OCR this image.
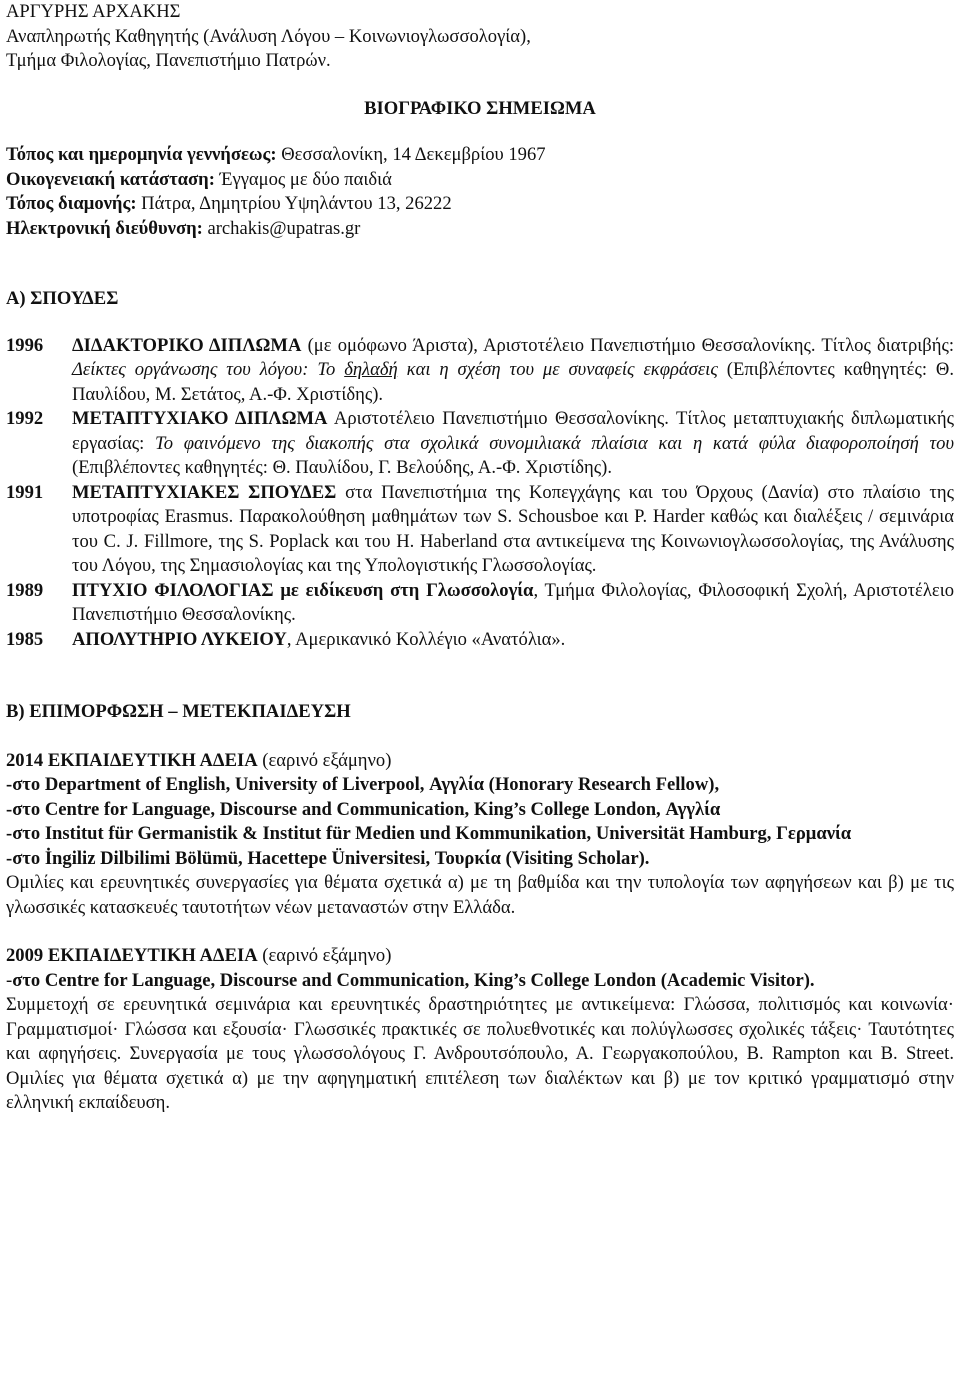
ΑΡΓΥΡΗΣ ΑΡΧΑΚΗΣ
Αναπληρωτής Καθηγητής (Ανάλυση Λόγου – Κοινωνιογλωσσολογία),
Τμήμα Φιλολογίας, Πανεπιστήμιο Πατρών.
ΒΙΟΓΡΑΦΙΚΟ ΣΗΜΕΙΩΜΑ
Τόπος και ημερομηνία γεννήσεως: Θεσσαλονίκη, 14 Δεκεμβρίου 1967
Οικογενειακή κατάσταση: Έγγαμος με δύο παιδιά
Τόπος διαμονής: Πάτρα, Δημητρίου Υψηλάντου 13, 26222
Ηλεκτρονική διεύθυνση: archakis@upatras.gr
Α) ΣΠΟΥΔΕΣ
1996 ΔΙΔΑΚΤΟΡΙΚΟ ΔΙΠΛΩΜΑ (με ομόφωνο Άριστα), Αριστοτέλειο Πανεπιστήμιο Θεσσαλονίκης. Τίτλος διατριβής: Δείκτες οργάνωσης του λόγου: Το δηλαδή και η σχέση του με συναφείς εκφράσεις (Επιβλέποντες καθηγητές: Θ. Παυλίδου, Μ. Σετάτος, Α.-Φ. Χριστίδης).
1992 ΜΕΤΑΠΤΥΧΙΑΚΟ ΔΙΠΛΩΜΑ Αριστοτέλειο Πανεπιστήμιο Θεσσαλονίκης. Τίτλος μεταπτυχιακής διπλωματικής εργασίας: Το φαινόμενο της διακοπής στα σχολικά συνομιλιακά πλαίσια και η κατά φύλα διαφοροποίησή του (Επιβλέποντες καθηγητές: Θ. Παυλίδου, Γ. Βελούδης, Α.-Φ. Χριστίδης).
1991 ΜΕΤΑΠΤΥΧΙΑΚΕΣ ΣΠΟΥΔΕΣ στα Πανεπιστήμια της Κοπεγχάγης και του Όρχους (Δανία) στο πλαίσιο της υποτροφίας Erasmus. Παρακολούθηση μαθημάτων των S. Schousboe και P. Harder καθώς και διαλέξεις / σεμινάρια του C. J. Fillmore, της S. Poplack και του H. Haberland στα αντικείμενα της Κοινωνιογλωσσολογίας, της Ανάλυσης του Λόγου, της Σημασιολογίας και της Υπολογιστικής Γλωσσολογίας.
1989 ΠΤΥΧΙΟ ΦΙΛΟΛΟΓΙΑΣ με ειδίκευση στη Γλωσσολογία, Τμήμα Φιλολογίας, Φιλοσοφική Σχολή, Αριστοτέλειο Πανεπιστήμιο Θεσσαλονίκης.
1985 ΑΠΟΛΥΤΗΡΙΟ ΛΥΚΕΙΟΥ, Αμερικανικό Κολλέγιο «Ανατόλια».
Β) ΕΠΙΜΟΡΦΩΣΗ – ΜΕΤΕΚΠΑΙΔΕΥΣΗ
2014 ΕΚΠΑΙΔΕΥΤΙΚΗ ΑΔΕΙΑ (εαρινό εξάμηνο)
-στο Department of English, University of Liverpool, Αγγλία (Honorary Research Fellow),
-στο Centre for Language, Discourse and Communication, King’s College London, Αγγλία
-στο Institut für Germanistik & Institut für Medien und Kommunikation, Universität Hamburg, Γερμανία
-στο İngiliz Dilbilimi Bölümü, Hacettepe Üniversitesi, Τουρκία (Visiting Scholar).
Ομιλίες και ερευνητικές συνεργασίες για θέματα σχετικά α) με τη βαθμίδα και την τυπολογία των αφηγήσεων και β) με τις γλωσσικές κατασκευές ταυτοτήτων νέων μεταναστών στην Ελλάδα.
2009 ΕΚΠΑΙΔΕΥΤΙΚΗ ΑΔΕΙΑ (εαρινό εξάμηνο)
-στο Centre for Language, Discourse and Communication, King’s College London (Academic Visitor).
Συμμετοχή σε ερευνητικά σεμινάρια και ερευνητικές δραστηριότητες με αντικείμενα: Γλώσσα, πολιτισμός και κοινωνία· Γραμματισμοί· Γλώσσα και εξουσία· Γλωσσικές πρακτικές σε πολυεθνοτικές και πολύγλωσσες σχολικές τάξεις· Ταυτότητες και αφηγήσεις. Συνεργασία με τους γλωσσολόγους Γ. Ανδρουτσόπουλο, Α. Γεωργακοπούλου, Β. Rampton και Β. Street. Ομιλίες για θέματα σχετικά α) με την αφηγηματική επιτέλεση των διαλέκτων και β) με τον κριτικό γραμματισμό στην ελληνική εκπαίδευση.
